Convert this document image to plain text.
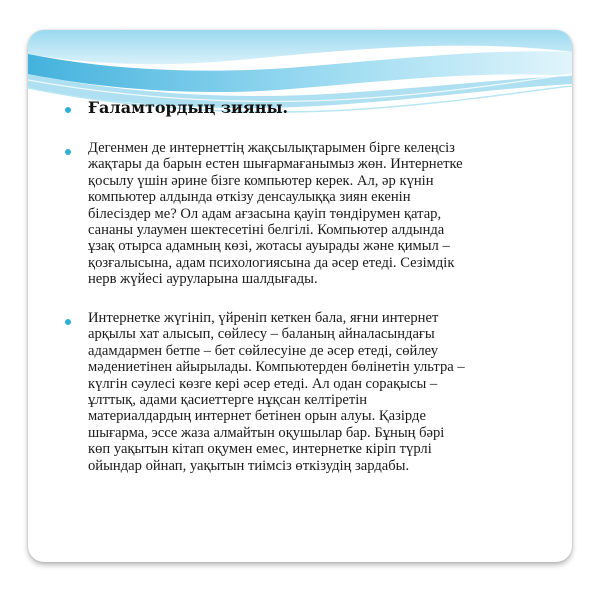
Ғаламтордың зияны.

Дегенмен де интернеттің жақсылықтарымен бірге келеңсіз
жақтары да барын естен шығармағанымыз жөн. Интернетке
қосылу үшін әрине бізге компьютер керек. Ал, әр күнін
компьютер алдында өткізу денсаулыққа зиян екенін
білесіздер ме? Ол адам ағзасына қауіп төндірумен қатар,
сананы улаумен шектесетіні белгілі. Компьютер алдында
ұзақ отырса адамның көзі, жотасы ауырады және қимыл –
қозғалысына, адам психологиясына да әсер етеді. Сезімдік
нерв жүйесі ауруларына шалдығады.

Интернетке жүгініп, үйреніп кеткен бала, яғни интернет
арқылы хат алысып, сөйлесу – баланың айналасындағы
адамдармен бетпе – бет сөйлесуіне де әсер етеді, сөйлеу
мәдениетінен айырылады. Компьютерден бөлінетін ультра –
күлгін сәулесі көзге кері әсер етеді. Ал одан сорақысы –
ұлттық, адами қасиеттерге нұқсан келтіретін
материалдардың интернет бетінен орын алуы. Қазірде
шығарма, эссе жаза алмайтын оқушылар бар. Бұның бәрі
көп уақытын кітап оқумен емес, интернетке кіріп түрлі
ойындар ойнап, уақытын тиімсіз өткізудің зардабы.
